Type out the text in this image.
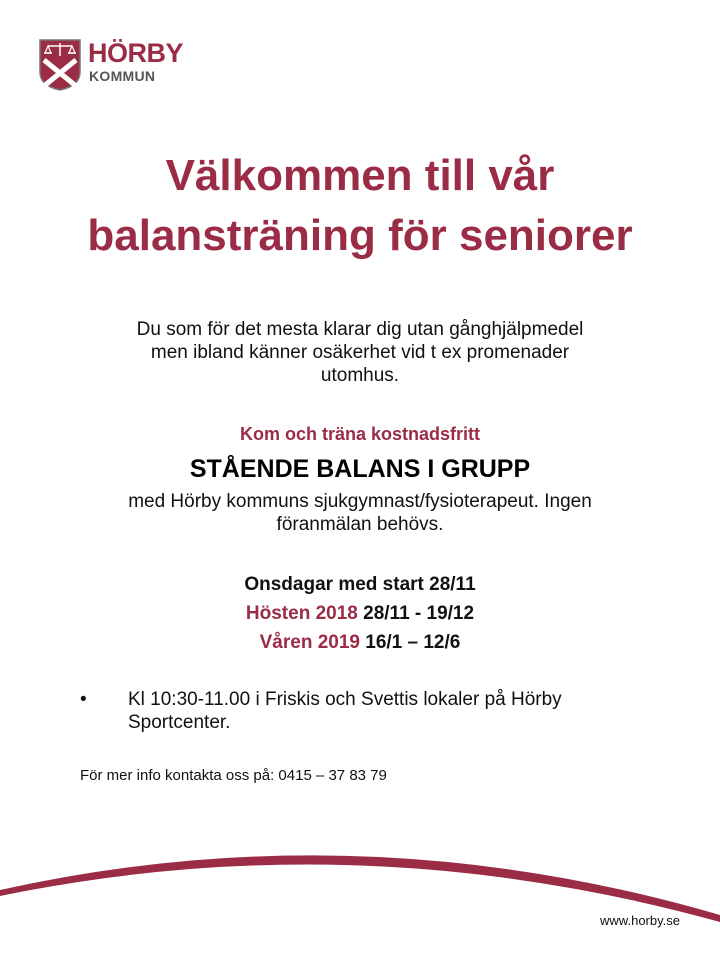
HÖRBY
KOMMUN
Välkommen till vår
balansträning för seniorer

Du som för det mesta klarar dig utan gånghjälpmedel
men ibland känner osäkerhet vid t ex promenader
utomhus.

Kom och träna kostnadsfritt
STÅENDE BALANS I GRUPP
med Hörby kommuns sjukgymnast/fysioterapeut. Ingen
föranmälan behövs.
Onsdagar med start 28/11
Hösten 2018 28/11 - 19/12
Våren 2019 16/1 – 12/6
•	Kl 10:30-11.00 i Friskis och Svettis lokaler på Hörby
Sportcenter.
För mer info kontakta oss på: 0415 – 37 83 79
www.horby.se
